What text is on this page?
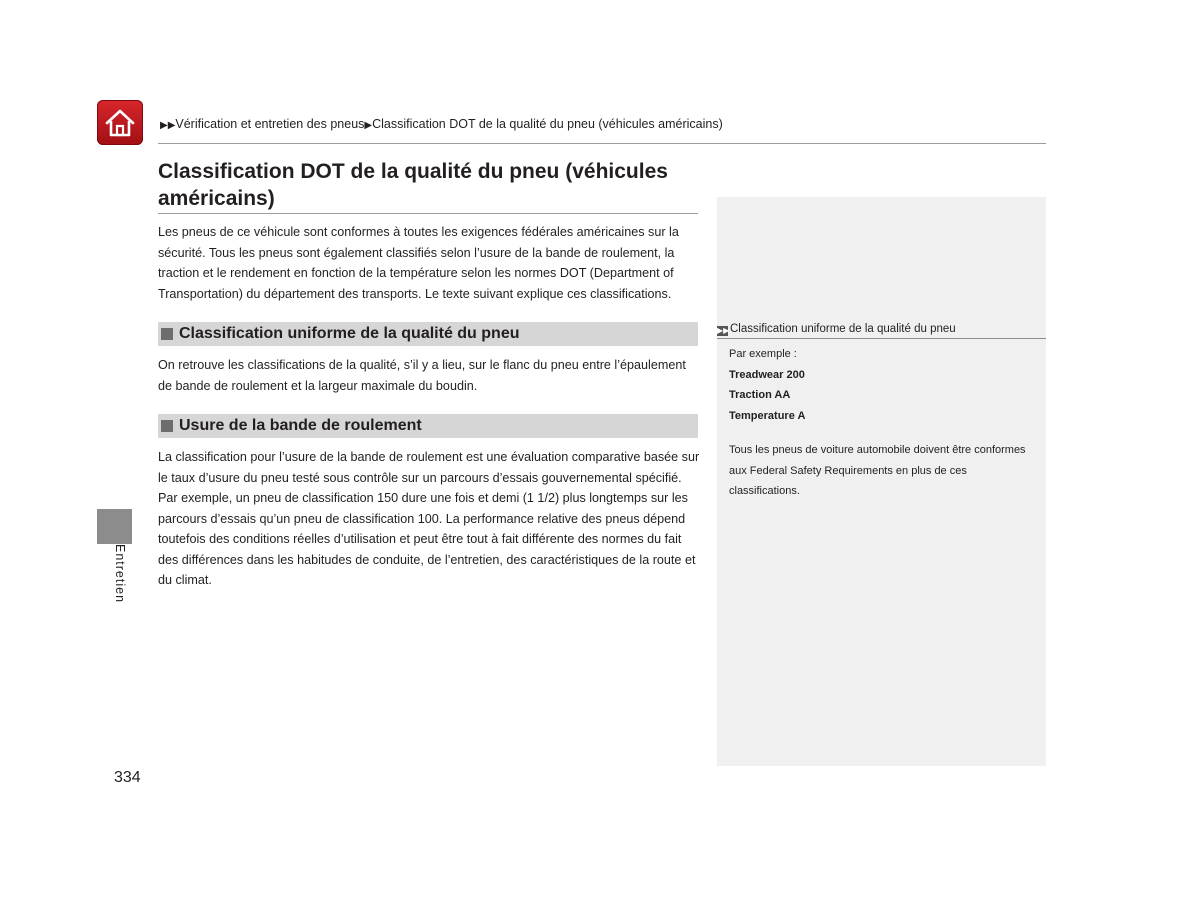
▶▶Vérification et entretien des pneus▶Classification DOT de la qualité du pneu (véhicules américains)
Classification DOT de la qualité du pneu (véhicules américains)

Les pneus de ce véhicule sont conformes à toutes les exigences fédérales américaines sur la sécurité. Tous les pneus sont également classifiés selon l’usure de la bande de roulement, la traction et le rendement en fonction de la température selon les normes DOT (Department of Transportation) du département des transports. Le texte suivant explique ces classifications.

Classification uniforme de la qualité du pneu

On retrouve les classifications de la qualité, s’il y a lieu, sur le flanc du pneu entre l’épaulement de bande de roulement et la largeur maximale du boudin.

Usure de la bande de roulement

La classification pour l’usure de la bande de roulement est une évaluation comparative basée sur le taux d’usure du pneu testé sous contrôle sur un parcours d’essais gouvernemental spécifié. Par exemple, un pneu de classification 150 dure une fois et demi (1 1/2) plus longtemps sur les parcours d’essais qu’un pneu de classification 100. La performance relative des pneus dépend toutefois des conditions réelles d’utilisation et peut être tout à fait différente des normes du fait des différences dans les habitudes de conduite, de l’entretien, des caractéristiques de la route et du climat.

▶▶Classification uniforme de la qualité du pneu

Par exemple :

Treadwear 200

Traction AA

Temperature A

Tous les pneus de voiture automobile doivent être conformes aux Federal Safety Requirements en plus de ces classifications.

Entretien
334
